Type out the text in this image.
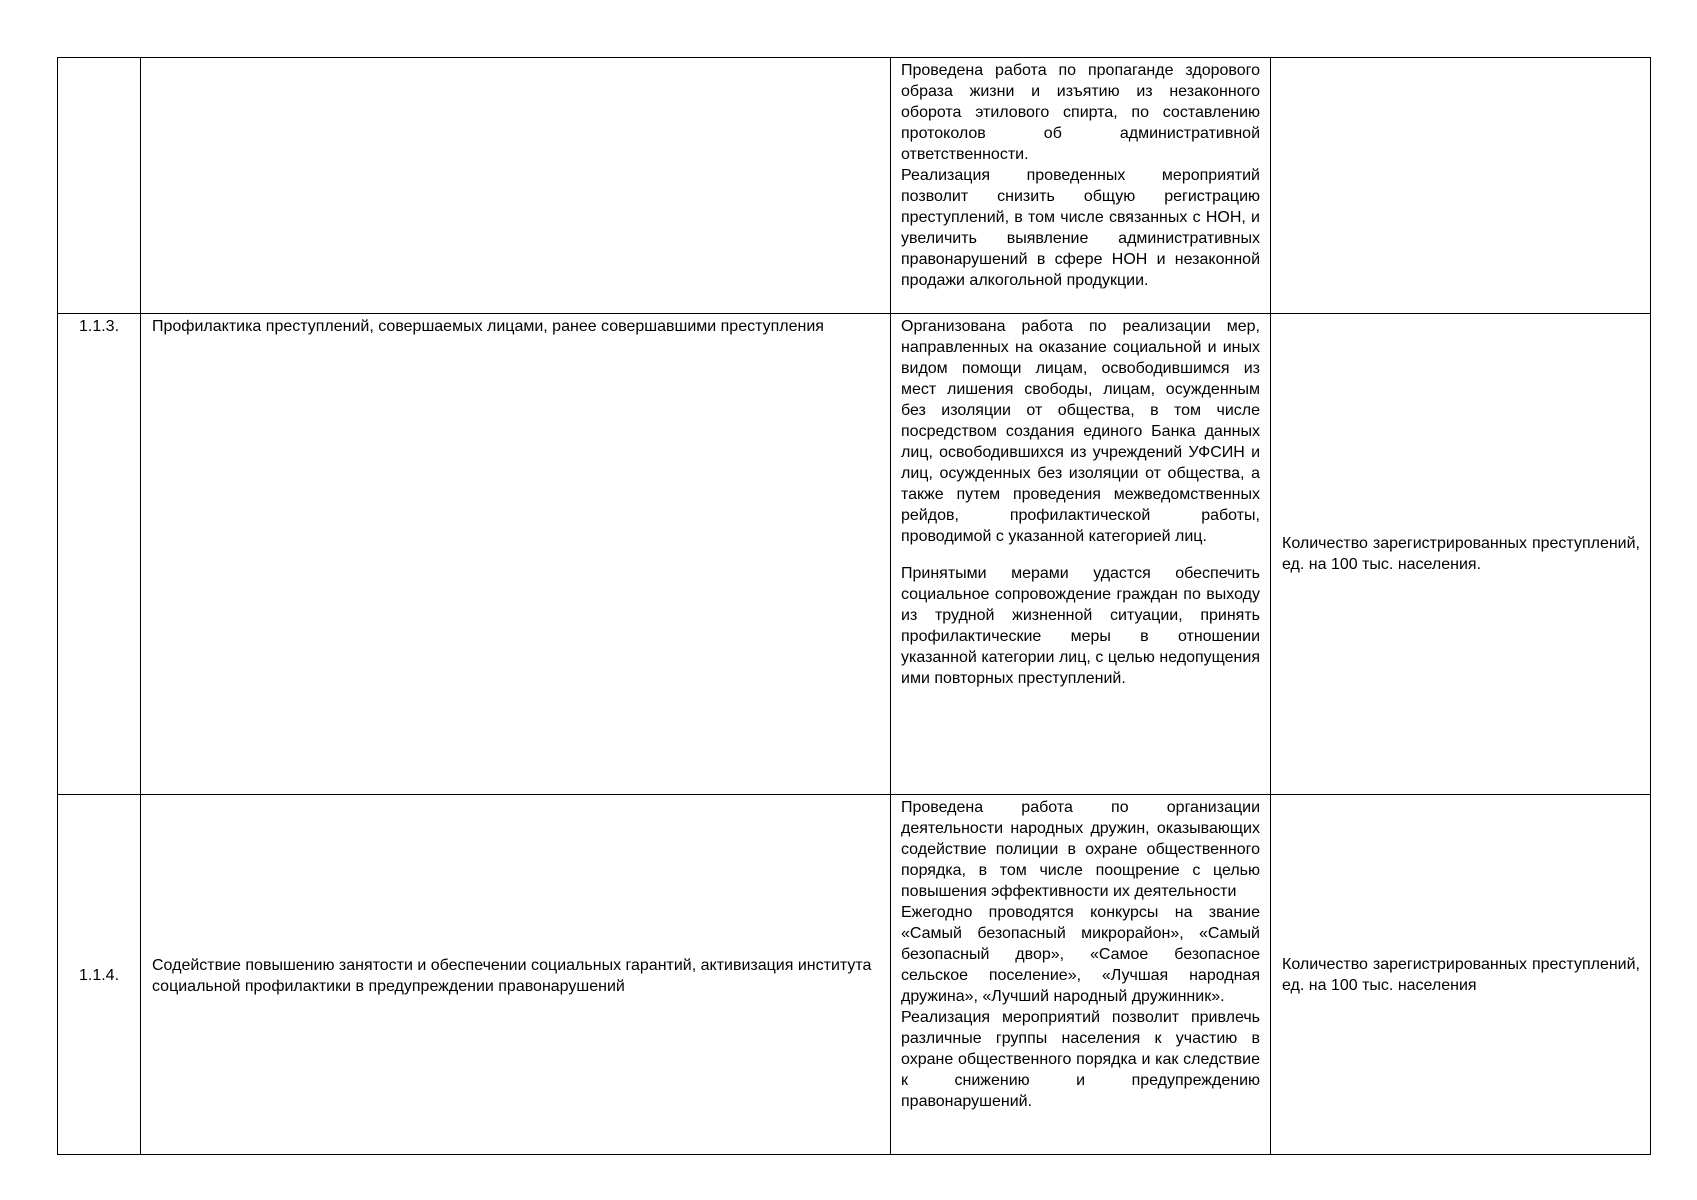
		Проведена работа по пропаганде здорового образа жизни и изъятию из незаконного оборота этилового спирта, по составлению протоколов об административной ответственности.

Реализация проведенных мероприятий позволит снизить общую регистрацию преступлений, в том числе связанных с НОН, и увеличить выявление административных правонарушений в сфере НОН и незаконной продажи алкогольной продукции.	

1.1.3.	Профилактика преступлений, совершаемых лицами, ранее совершавшими преступления	Организована работа по реализации мер, направленных на оказание социальной и иных видом помощи лицам, освободившимся из мест лишения свободы, лицам, осужденным без изоляции от общества, в том числе посредством создания единого Банка данных лиц, освободившихся из учреждений УФСИН и лиц, осужденных без изоляции от общества, а также путем проведения межведомственных рейдов, профилактической работы, проводимой с указанной категорией лиц.

Принятыми мерами удастся обеспечить социальное сопровождение граждан по выходу из трудной жизненной ситуации, принять профилактические меры в отношении указанной категории лиц, с целью недопущения ими повторных преступлений.	Количество зарегистрированных преступлений, ед. на 100 тыс. населения.
1.1.4.	Содействие повышению занятости и обеспечении социальных гарантий, активизация института социальной профилактики в предупреждении правонарушений	Проведена работа по организации деятельности народных дружин, оказывающих содействие полиции в охране общественного порядка, в том числе поощрение с целью повышения эффективности их деятельности

Ежегодно проводятся конкурсы на звание «Самый безопасный микрорайон», «Самый безопасный двор», «Самое безопасное сельское поселение», «Лучшая народная дружина», «Лучший народный дружинник».

Реализация мероприятий позволит привлечь различные группы населения к участию в охране общественного порядка и как следствие к снижению и предупреждению правонарушений.	Количество зарегистрированных преступлений, ед. на 100 тыс. населения
